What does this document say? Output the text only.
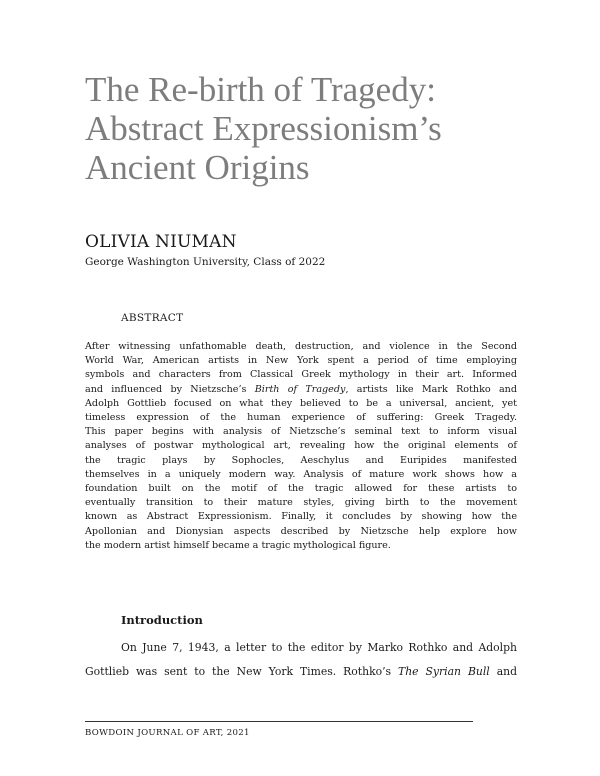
The Re-birth of Tragedy:
Abstract Expressionism’s
Ancient Origins
OLIVIA NIUMAN
George Washington University, Class of 2022
ABSTRACT

After witnessing unfathomable death, destruction, and violence in the Second
World War, American artists in New York spent a period of time employing
symbols and characters from Classical Greek mythology in their art. Informed
and influenced by Nietzsche’s Birth of Tragedy, artists like Mark Rothko and
Adolph Gottlieb focused on what they believed to be a universal, ancient, yet
timeless expression of the human experience of suffering: Greek Tragedy.
This paper begins with analysis of Nietzsche’s seminal text to inform visual
analyses of postwar mythological art, revealing how the original elements of
the tragic plays by Sophocles, Aeschylus and Euripides manifested
themselves in a uniquely modern way. Analysis of mature work shows how a
foundation built on the motif of the tragic allowed for these artists to
eventually transition to their mature styles, giving birth to the movement
known as Abstract Expressionism. Finally, it concludes by showing how the
Apollonian and Dionysian aspects described by Nietzsche help explore how
the modern artist himself became a tragic mythological figure.

Introduction

On June 7, 1943, a letter to the editor by Marko Rothko and Adolph
Gottlieb was sent to the New York Times. Rothko’s The Syrian Bull and

BOWDOIN JOURNAL OF ART, 2021
